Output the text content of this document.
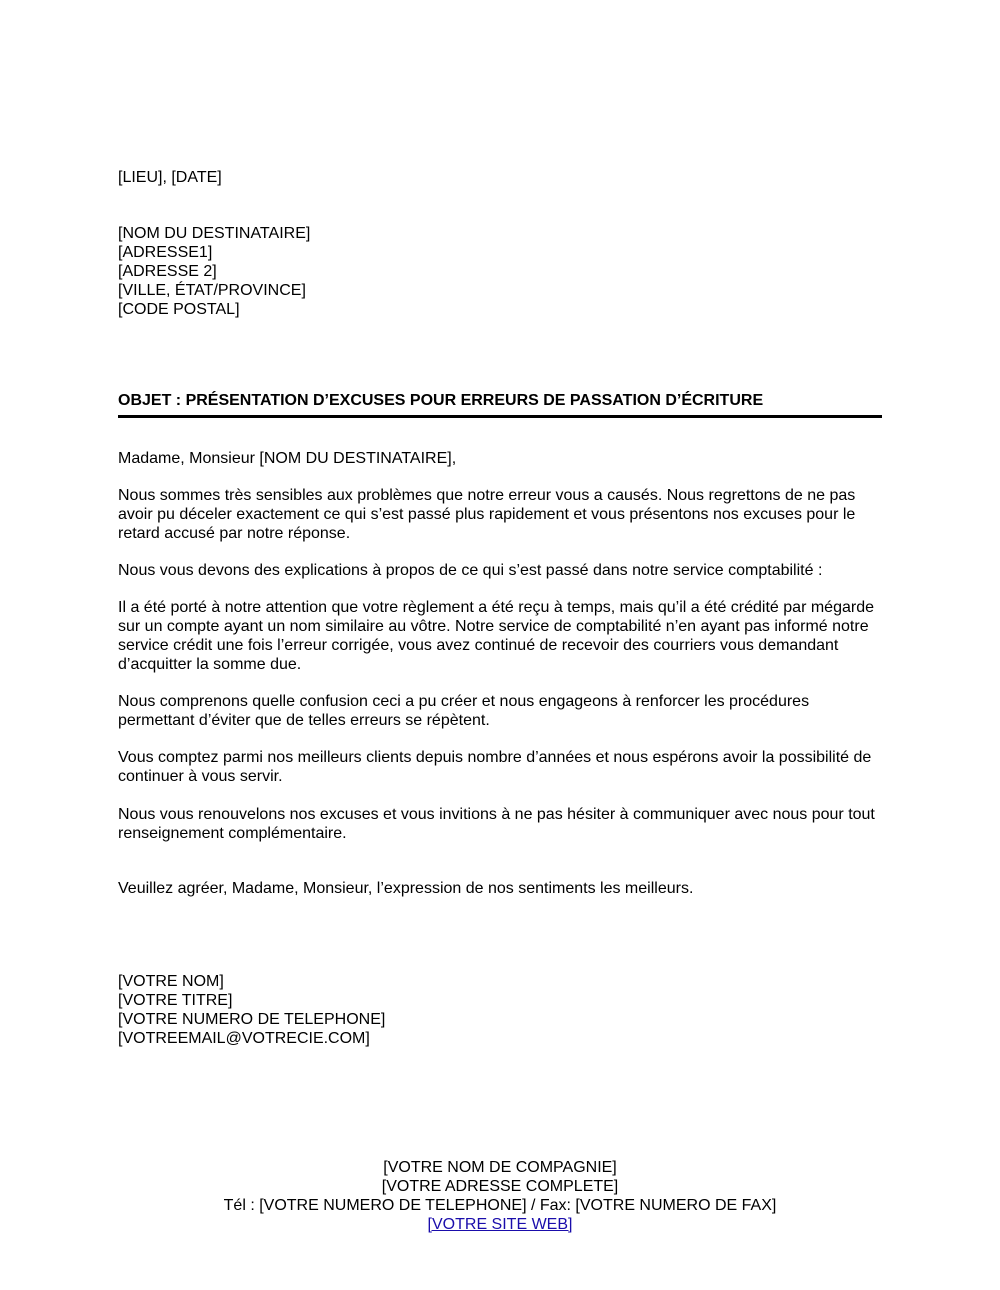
[LIEU], [DATE]
[NOM DU DESTINATAIRE]
[ADRESSE1]
[ADRESSE 2]
[VILLE, ÉTAT/PROVINCE]
[CODE POSTAL]
OBJET : PRÉSENTATION D’EXCUSES POUR ERREURS DE PASSATION D’ÉCRITURE
Madame, Monsieur [NOM DU DESTINATAIRE],
Nous sommes très sensibles aux problèmes que notre erreur vous a causés. Nous regrettons de ne pas avoir pu déceler exactement ce qui s’est passé plus rapidement et vous présentons nos excuses pour le retard accusé par notre réponse.
Nous vous devons des explications à propos de ce qui s’est passé dans notre service comptabilité :
Il a été porté à notre attention que votre règlement a été reçu à temps, mais qu’il a été crédité par mégarde sur un compte ayant un nom similaire au vôtre. Notre service de comptabilité n’en ayant pas informé notre service crédit une fois l’erreur corrigée, vous avez continué de recevoir des courriers vous demandant d’acquitter la somme due.
Nous comprenons quelle confusion ceci a pu créer et nous engageons à renforcer les procédures permettant d’éviter que de telles erreurs se répètent.
Vous comptez parmi nos meilleurs clients depuis nombre d’années et nous espérons avoir la possibilité de continuer à vous servir.
Nous vous renouvelons nos excuses et vous invitions à ne pas hésiter à communiquer avec nous pour tout renseignement complémentaire.
Veuillez agréer, Madame, Monsieur, l’expression de nos sentiments les meilleurs.
[VOTRE NOM]
[VOTRE TITRE]
[VOTRE NUMERO DE TELEPHONE]
[VOTREEMAIL@VOTRECIE.COM]
[VOTRE NOM DE COMPAGNIE]
[VOTRE ADRESSE COMPLETE]
Tél : [VOTRE NUMERO DE TELEPHONE] / Fax: [VOTRE NUMERO DE FAX]
[VOTRE SITE WEB]
